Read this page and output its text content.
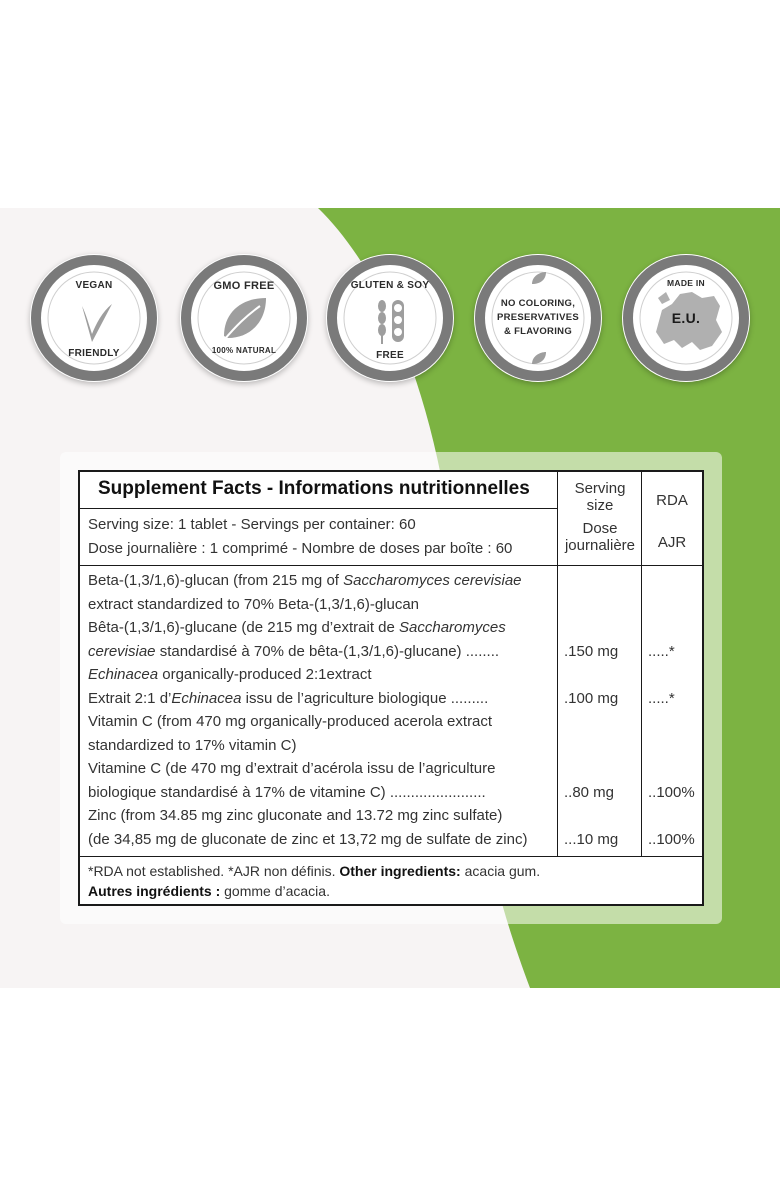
VEGAN
FRIENDLY
GMO FREE
100% NATURAL
GLUTEN & SOY
FREE
NO COLORING,
PRESERVATIVES
& FLAVORING
MADE IN
E.U.
Supplement Facts - Informations nutritionnelles
Serving size: 1 tablet - Servings per container: 60
Dose journalière : 1 comprimé - Nombre de doses par boîte : 60
Serving
size
Dose
journalière
RDA
AJR
Beta-(1,3/1,6)-glucan (from 215 mg of Saccharomyces cerevisiae
extract standardized to 70% Beta-(1,3/1,6)-glucan
Bêta-(1,3/1,6)-glucane (de 215 mg d’extrait de Saccharomyces
cerevisiae standardisé à 70% de bêta-(1,3/1,6)-glucane) ........
Echinacea organically-produced 2:1extract
Extrait 2:1 d’Echinacea issu de l’agriculture biologique .........
Vitamin C (from 470 mg organically-produced acerola extract
standardized to 17% vitamin C)
Vitamine C (de 470 mg d’extrait d’acérola issu de l’agriculture
biologique standardisé à 17% de vitamine C) .......................
Zinc (from 34.85 mg zinc gluconate and 13.72 mg zinc sulfate)
(de 34,85 mg de gluconate de zinc et 13,72 mg de sulfate de zinc)
.150 mg .....*
.100 mg .....*
..80 mg ..100%
...10 mg ..100%
*RDA not established. *AJR non définis. Other ingredients: acacia gum.
Autres ingrédients : gomme d’acacia.
